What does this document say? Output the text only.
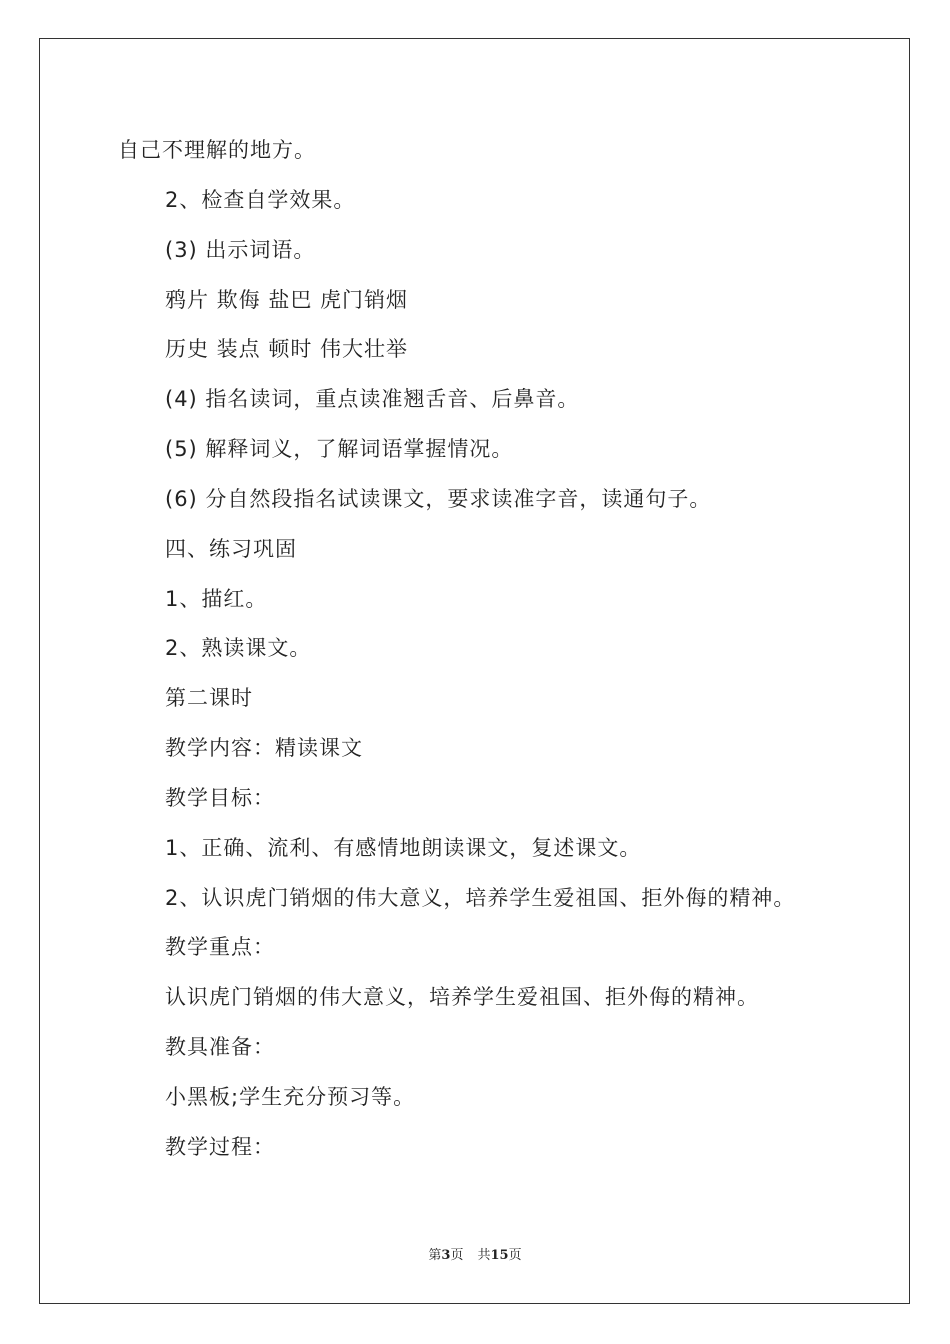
自己不理解的地方。
2、检查自学效果。
(3) 出示词语。
鸦片 欺侮 盐巴 虎门销烟
历史 装点 顿时 伟大壮举
(4) 指名读词，重点读准翘舌音、后鼻音。
(5) 解释词义，了解词语掌握情况。
(6) 分自然段指名试读课文，要求读准字音，读通句子。
四、练习巩固
1、描红。
2、熟读课文。
第二课时
教学内容：精读课文
教学目标：
1、正确、流利、有感情地朗读课文，复述课文。
2、认识虎门销烟的伟大意义，培养学生爱祖国、拒外侮的精神。
教学重点：
认识虎门销烟的伟大意义，培养学生爱祖国、拒外侮的精神。
教具准备：
小黑板;学生充分预习等。
教学过程：
第3页 共15页
